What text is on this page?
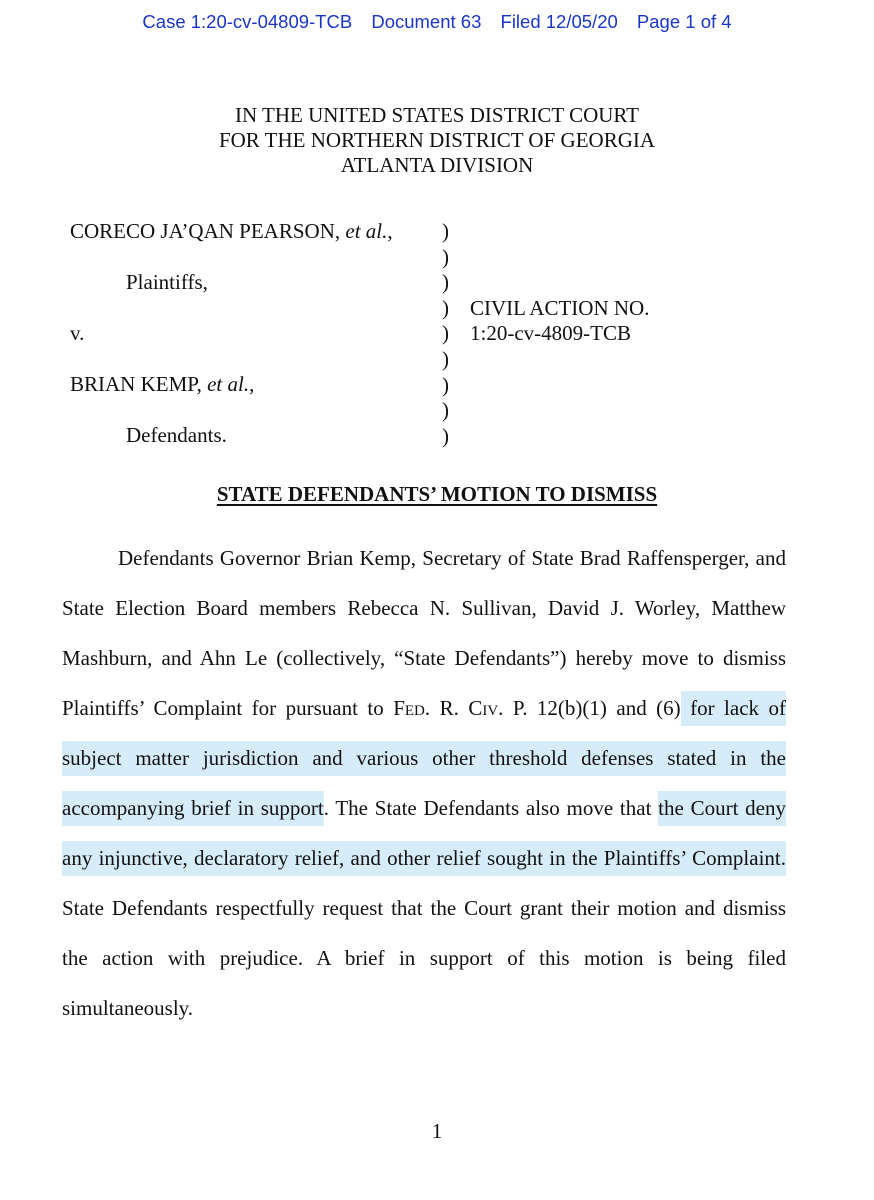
Case 1:20-cv-04809-TCB Document 63 Filed 12/05/20 Page 1 of 4
IN THE UNITED STATES DISTRICT COURT
FOR THE NORTHERN DISTRICT OF GEORGIA
ATLANTA DIVISION
CORECO JA’QAN PEARSON, et al.,
Plaintiffs,
v.
BRIAN KEMP, et al.,
Defendants.
)
)
)
)
)
)
)
)
)
CIVIL ACTION NO.
1:20-cv-4809-TCB
STATE DEFENDANTS’ MOTION TO DISMISS

Defendants Governor Brian Kemp, Secretary of State Brad Raffensperger, and State Election Board members Rebecca N. Sullivan, David J. Worley, Matthew Mashburn, and Ahn Le (collectively, “State Defendants”) hereby move to dismiss Plaintiffs’ Complaint for pursuant to Fed. R. Civ. P. 12(b)(1) and (6) for lack of subject matter jurisdiction and various other threshold defenses stated in the accompanying brief in support. The State Defendants also move that the Court deny any injunctive, declaratory relief, and other relief sought in the Plaintiffs’ Complaint. State Defendants respectfully request that the Court grant their motion and dismiss the action with prejudice. A brief in support of this motion is being filed simultaneously.

1
